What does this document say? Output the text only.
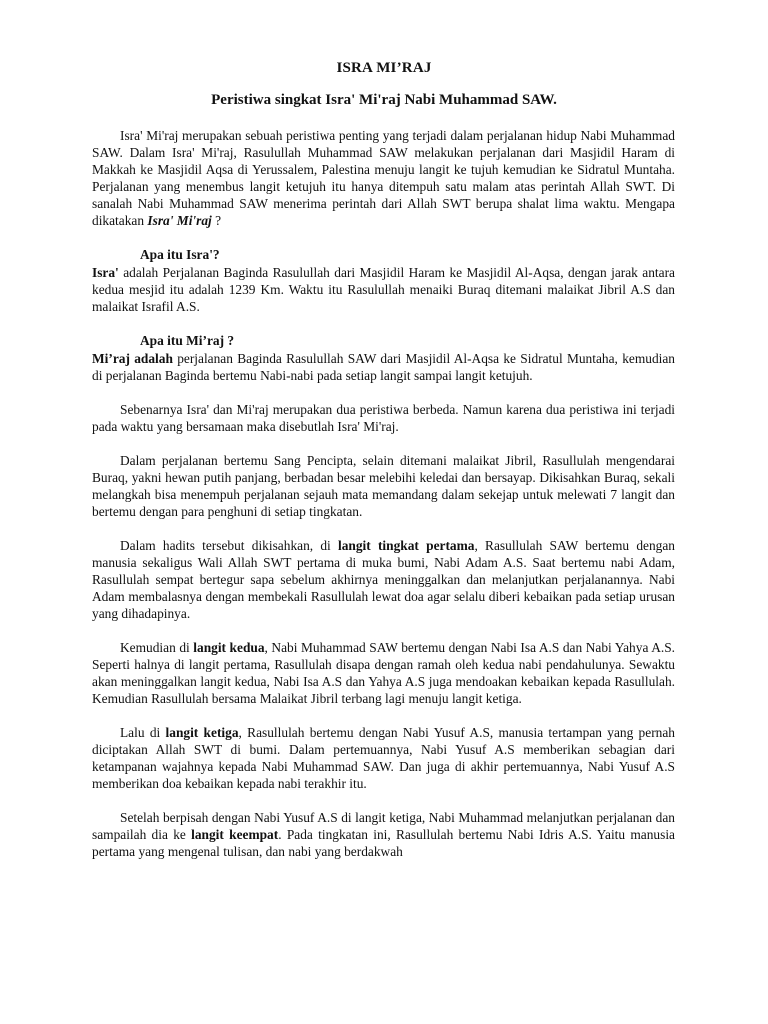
ISRA MI’RAJ
Peristiwa singkat Isra' Mi'raj Nabi Muhammad SAW.

Isra' Mi'raj merupakan sebuah peristiwa penting yang terjadi dalam perjalanan hidup Nabi Muhammad SAW. Dalam Isra' Mi'raj, Rasulullah Muhammad SAW melakukan perjalanan dari Masjidil Haram di Makkah ke Masjidil Aqsa di Yerussalem, Palestina menuju langit ke tujuh kemudian ke Sidratul Muntaha. Perjalanan yang menembus langit ketujuh itu hanya ditempuh satu malam atas perintah Allah SWT. Di sanalah Nabi Muhammad SAW menerima perintah dari Allah SWT berupa shalat lima waktu. Mengapa dikatakan Isra' Mi'raj ?

Apa itu Isra'?

Isra' adalah Perjalanan Baginda Rasulullah dari Masjidil Haram ke Masjidil Al-Aqsa, dengan jarak antara kedua mesjid itu adalah 1239 Km. Waktu itu Rasulullah menaiki Buraq ditemani malaikat Jibril A.S dan malaikat Israfil A.S.

Apa itu Mi’raj ?

Mi’raj adalah perjalanan Baginda Rasulullah SAW dari Masjidil Al-Aqsa ke Sidratul Muntaha, kemudian di perjalanan Baginda bertemu Nabi-nabi pada setiap langit sampai langit ketujuh.

Sebenarnya Isra' dan Mi'raj merupakan dua peristiwa berbeda. Namun karena dua peristiwa ini terjadi pada waktu yang bersamaan maka disebutlah Isra' Mi'raj.

Dalam perjalanan bertemu Sang Pencipta, selain ditemani malaikat Jibril, Rasullulah mengendarai Buraq, yakni hewan putih panjang, berbadan besar melebihi keledai dan bersayap. Dikisahkan Buraq, sekali melangkah bisa menempuh perjalanan sejauh mata memandang dalam sekejap untuk melewati 7 langit dan bertemu dengan para penghuni di setiap tingkatan.

Dalam hadits tersebut dikisahkan, di langit tingkat pertama, Rasullulah SAW bertemu dengan manusia sekaligus Wali Allah SWT pertama di muka bumi, Nabi Adam A.S. Saat bertemu nabi Adam, Rasullulah sempat bertegur sapa sebelum akhirnya meninggalkan dan melanjutkan perjalanannya. Nabi Adam membalasnya dengan membekali Rasullulah lewat doa agar selalu diberi kebaikan pada setiap urusan yang dihadapinya.

Kemudian di langit kedua, Nabi Muhammad SAW bertemu dengan Nabi Isa A.S dan Nabi Yahya A.S. Seperti halnya di langit pertama, Rasullulah disapa dengan ramah oleh kedua nabi pendahulunya. Sewaktu akan meninggalkan langit kedua, Nabi Isa A.S dan Yahya A.S juga mendoakan kebaikan kepada Rasullulah. Kemudian Rasullulah bersama Malaikat Jibril terbang lagi menuju langit ketiga.

Lalu di langit ketiga, Rasullulah bertemu dengan Nabi Yusuf A.S, manusia tertampan yang pernah diciptakan Allah SWT di bumi. Dalam pertemuannya, Nabi Yusuf A.S memberikan sebagian dari ketampanan wajahnya kepada Nabi Muhammad SAW. Dan juga di akhir pertemuannya, Nabi Yusuf A.S memberikan doa kebaikan kepada nabi terakhir itu.

Setelah berpisah dengan Nabi Yusuf A.S di langit ketiga, Nabi Muhammad melanjutkan perjalanan dan sampailah dia ke langit keempat. Pada tingkatan ini, Rasullulah bertemu Nabi Idris A.S. Yaitu manusia pertama yang mengenal tulisan, dan nabi yang berdakwah
